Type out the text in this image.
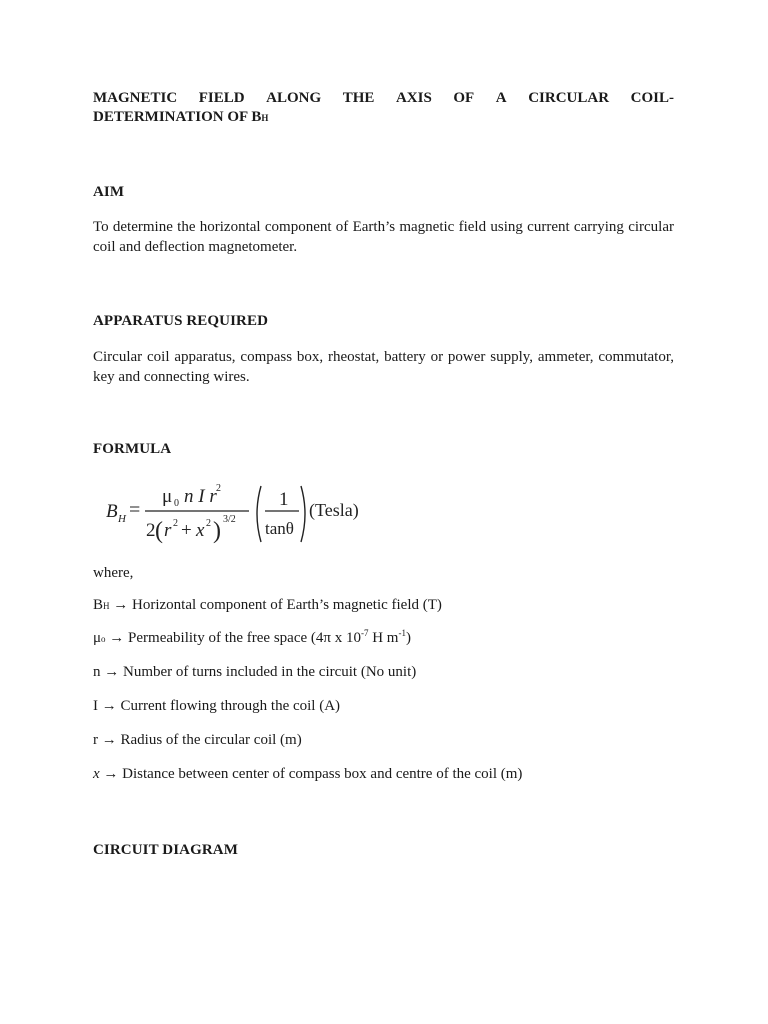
MAGNETIC FIELD ALONG THE AXIS OF A CIRCULAR COIL-
DETERMINATION OF BH
AIM
To determine the horizontal component of Earth’s magnetic field using current carrying circular coil and deflection magnetometer.
APPARATUS REQUIRED
Circular coil apparatus, compass box, rheostat, battery or power supply, ammeter, commutator, key and connecting wires.
FORMULA
B H =
μ 0 n I r 2
2 ( r 2 + x 2 ) 3/2
1
tanθ
(Tesla)
where,
BH → Horizontal component of Earth’s magnetic field (T)
μo → Permeability of the free space (4π x $10^{-7}$ H $m^{-1}$)
n → Number of turns included in the circuit (No unit)
I → Current flowing through the coil (A)
r → Radius of the circular coil (m)
x → Distance between center of compass box and centre of the coil (m)
CIRCUIT DIAGRAM
